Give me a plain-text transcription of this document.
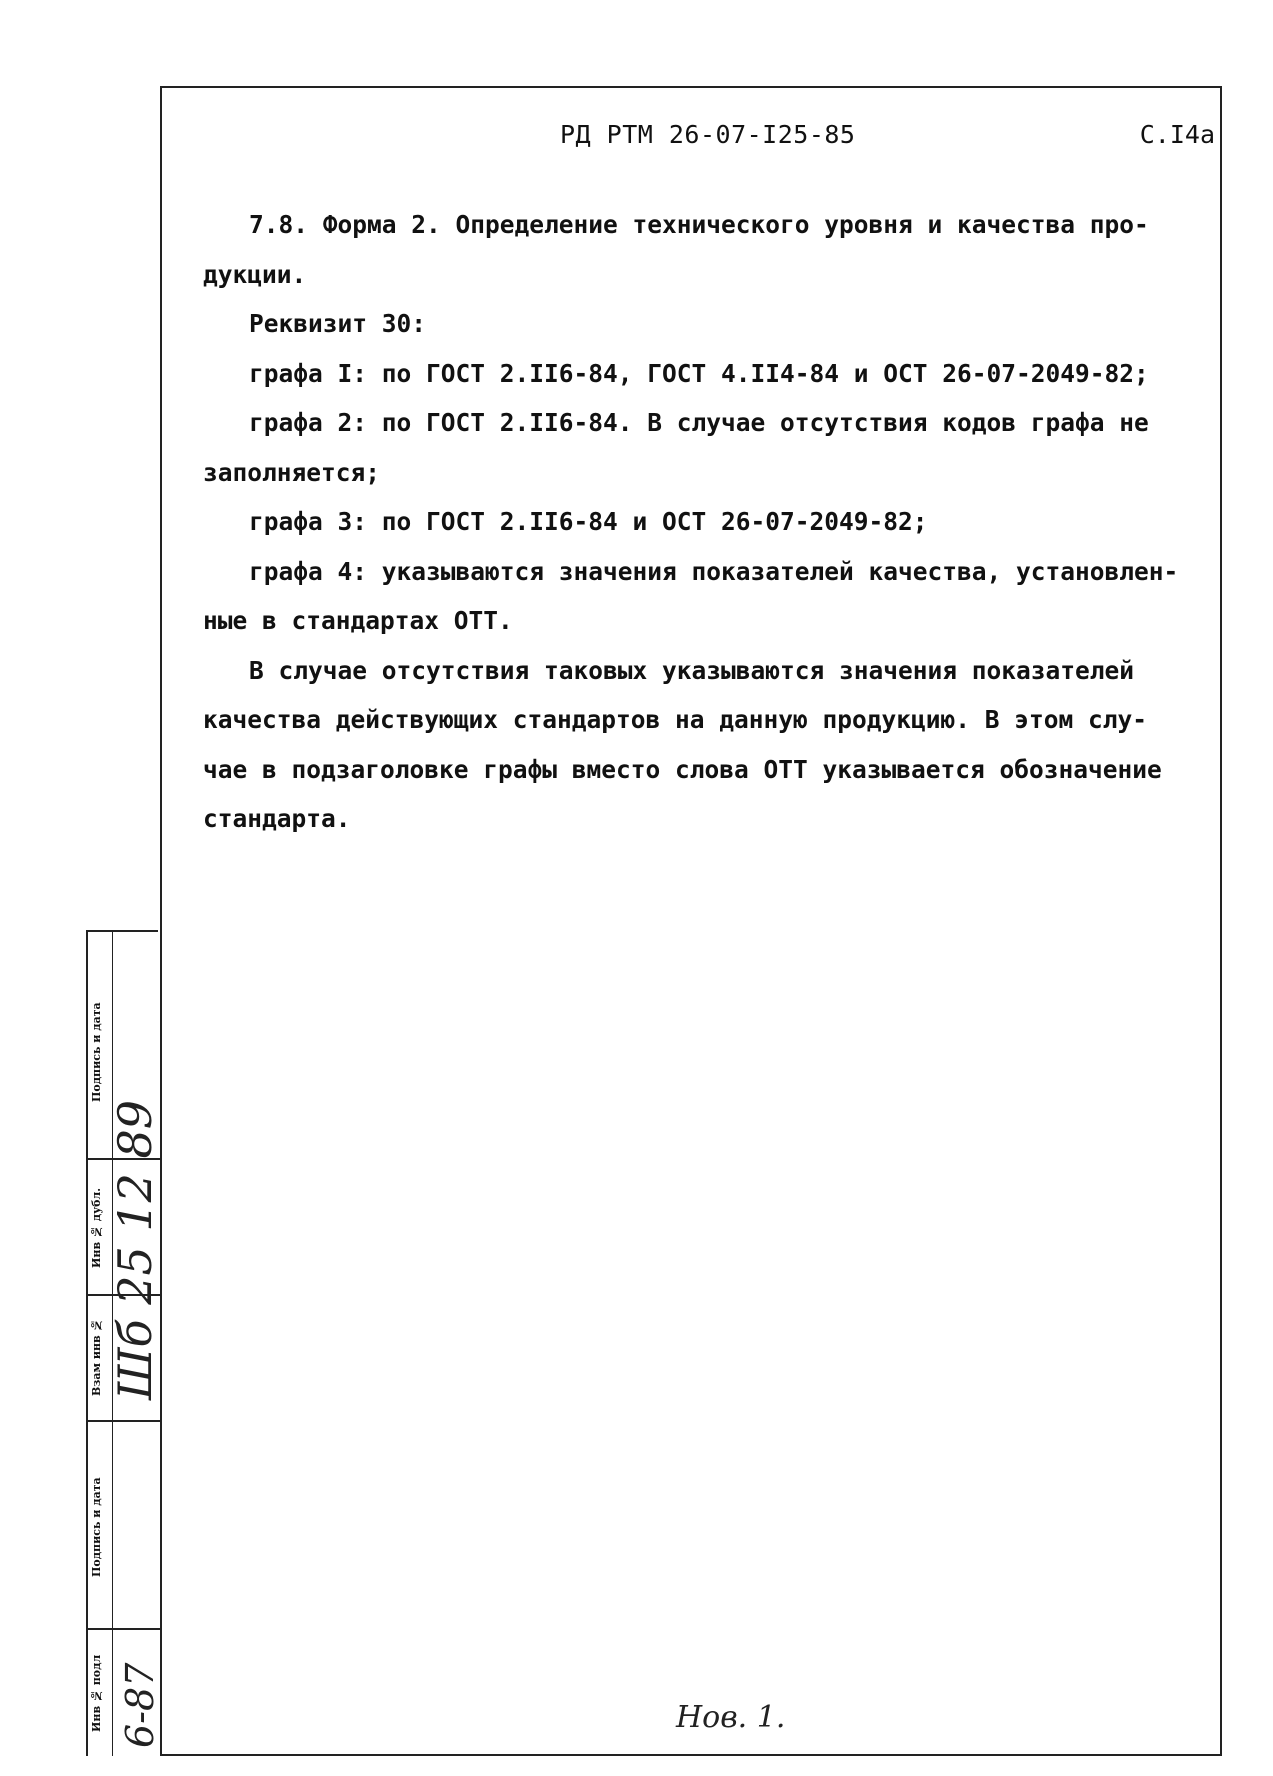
РД РТМ 26-07-I25-85	С.I4а

7.8. Форма 2. Определение технического уровня и качества про-

дукции.

Реквизит 30:

графа I: по ГОСТ 2.II6-84, ГОСТ 4.II4-84 и ОСТ 26-07-2049-82;

графа 2: по ГОСТ 2.II6-84. В случае отсутствия кодов графа не

заполняется;

графа 3: по ГОСТ 2.II6-84 и ОСТ 26-07-2049-82;

графа 4: указываются значения показателей качества, установлен-

ные в стандартах ОТТ.

В случае отсутствия таковых указываются значения показателей

качества действующих стандартов на данную продукцию. В этом слу-

чае в подзаголовке графы вместо слова ОТТ указывается обозначение

стандарта.

Подпись и дата
Инв № дубл.
Взам инв №
Подпись и дата
Инв № подл
Шб 25 12 89
6-87	Нов. 1.
